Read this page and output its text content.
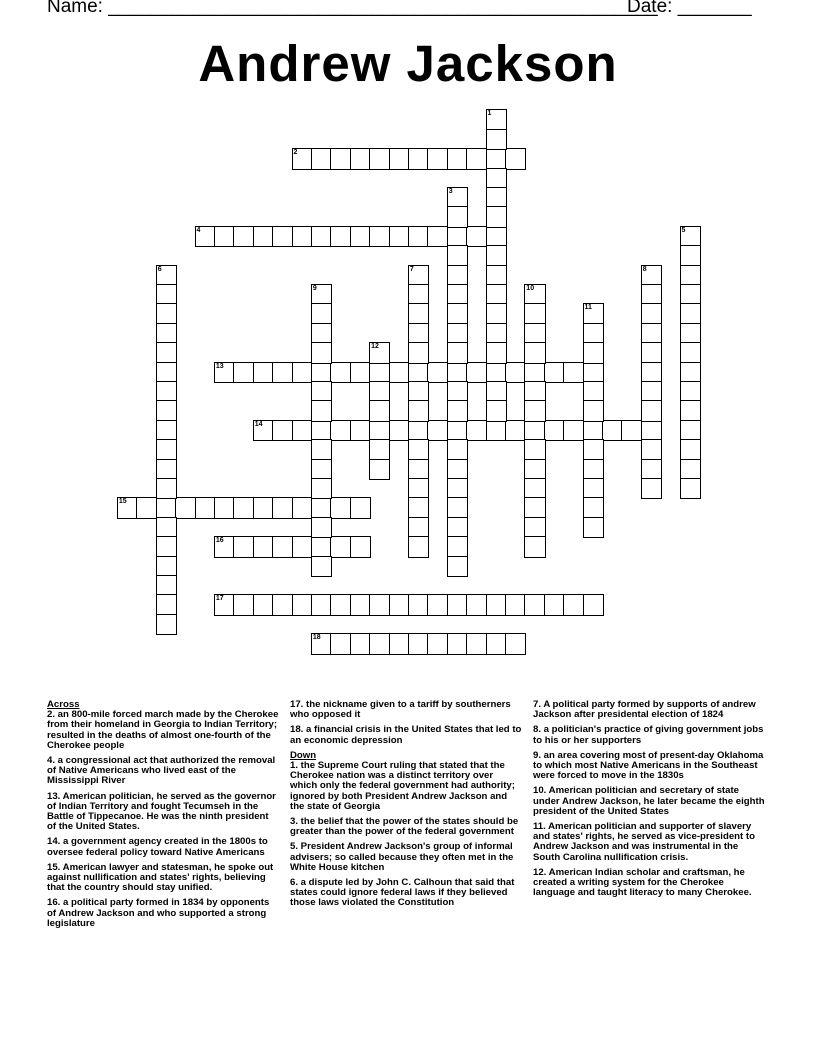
Name: ____________________________________________________
Date: _______
Andrew Jackson
2
4
13
14
15
16
17
18
1
3
5
6	7	8
9	10
11
12
Across
2. an 800-mile forced march made by the Cherokee from their homeland in Georgia to Indian Territory; resulted in the deaths of almost one-fourth of the Cherokee people
4. a congressional act that authorized the removal of Native Americans who lived east of the Mississippi River
13. American politician, he served as the governor of Indian Territory and fought Tecumseh in the Battle of Tippecanoe. He was the ninth president of the United States.
14. a government agency created in the 1800s to oversee federal policy toward Native Americans
15. American lawyer and statesman, he spoke out against nullification and states' rights, believing that the country should stay unified.
16. a political party formed in 1834 by opponents of Andrew Jackson and who supported a strong legislature
17. the nickname given to a tariff by southerners who opposed it
18. a financial crisis in the United States that led to an economic depression
Down
1. the Supreme Court ruling that stated that the Cherokee nation was a distinct territory over which only the federal government had authority; ignored by both President Andrew Jackson and the state of Georgia
3. the belief that the power of the states should be greater than the power of the federal government
5. President Andrew Jackson's group of informal advisers; so called because they often met in the White House kitchen
6. a dispute led by John C. Calhoun that said that states could ignore federal laws if they believed those laws violated the Constitution
7. A political party formed by supports of andrew Jackson after presidental election of 1824
8. a politician's practice of giving government jobs to his or her supporters
9. an area covering most of present-day Oklahoma to which most Native Americans in the Southeast were forced to move in the 1830s
10. American politician and secretary of state under Andrew Jackson, he later became the eighth president of the United States
11. American politician and supporter of slavery and states' rights, he served as vice-president to Andrew Jackson and was instrumental in the South Carolina nullification crisis.
12. American Indian scholar and craftsman, he created a writing system for the Cherokee language and taught literacy to many Cherokee.
